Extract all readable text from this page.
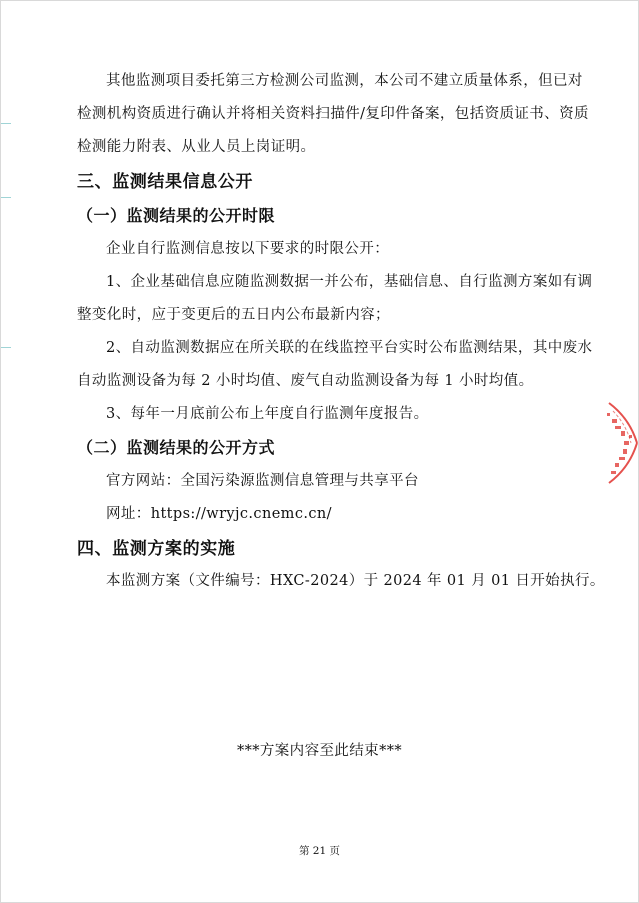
其他监测项目委托第三方检测公司监测，本公司不建立质量体系，但已对
检测机构资质进行确认并将相关资料扫描件/复印件备案，包括资质证书、资质
检测能力附表、从业人员上岗证明。
三、监测结果信息公开
（一）监测结果的公开时限
企业自行监测信息按以下要求的时限公开：
1、企业基础信息应随监测数据一并公布，基础信息、自行监测方案如有调
整变化时，应于变更后的五日内公布最新内容；
2、自动监测数据应在所关联的在线监控平台实时公布监测结果，其中废水
自动监测设备为每 2 小时均值、废气自动监测设备为每 1 小时均值。
3、每年一月底前公布上年度自行监测年度报告。
（二）监测结果的公开方式
官方网站：全国污染源监测信息管理与共享平台
网址：https://wryjc.cnemc.cn/
四、监测方案的实施
本监测方案（文件编号：HXC-2024）于 2024 年 01 月 01 日开始执行。
***方案内容至此结束***
第 21 页
